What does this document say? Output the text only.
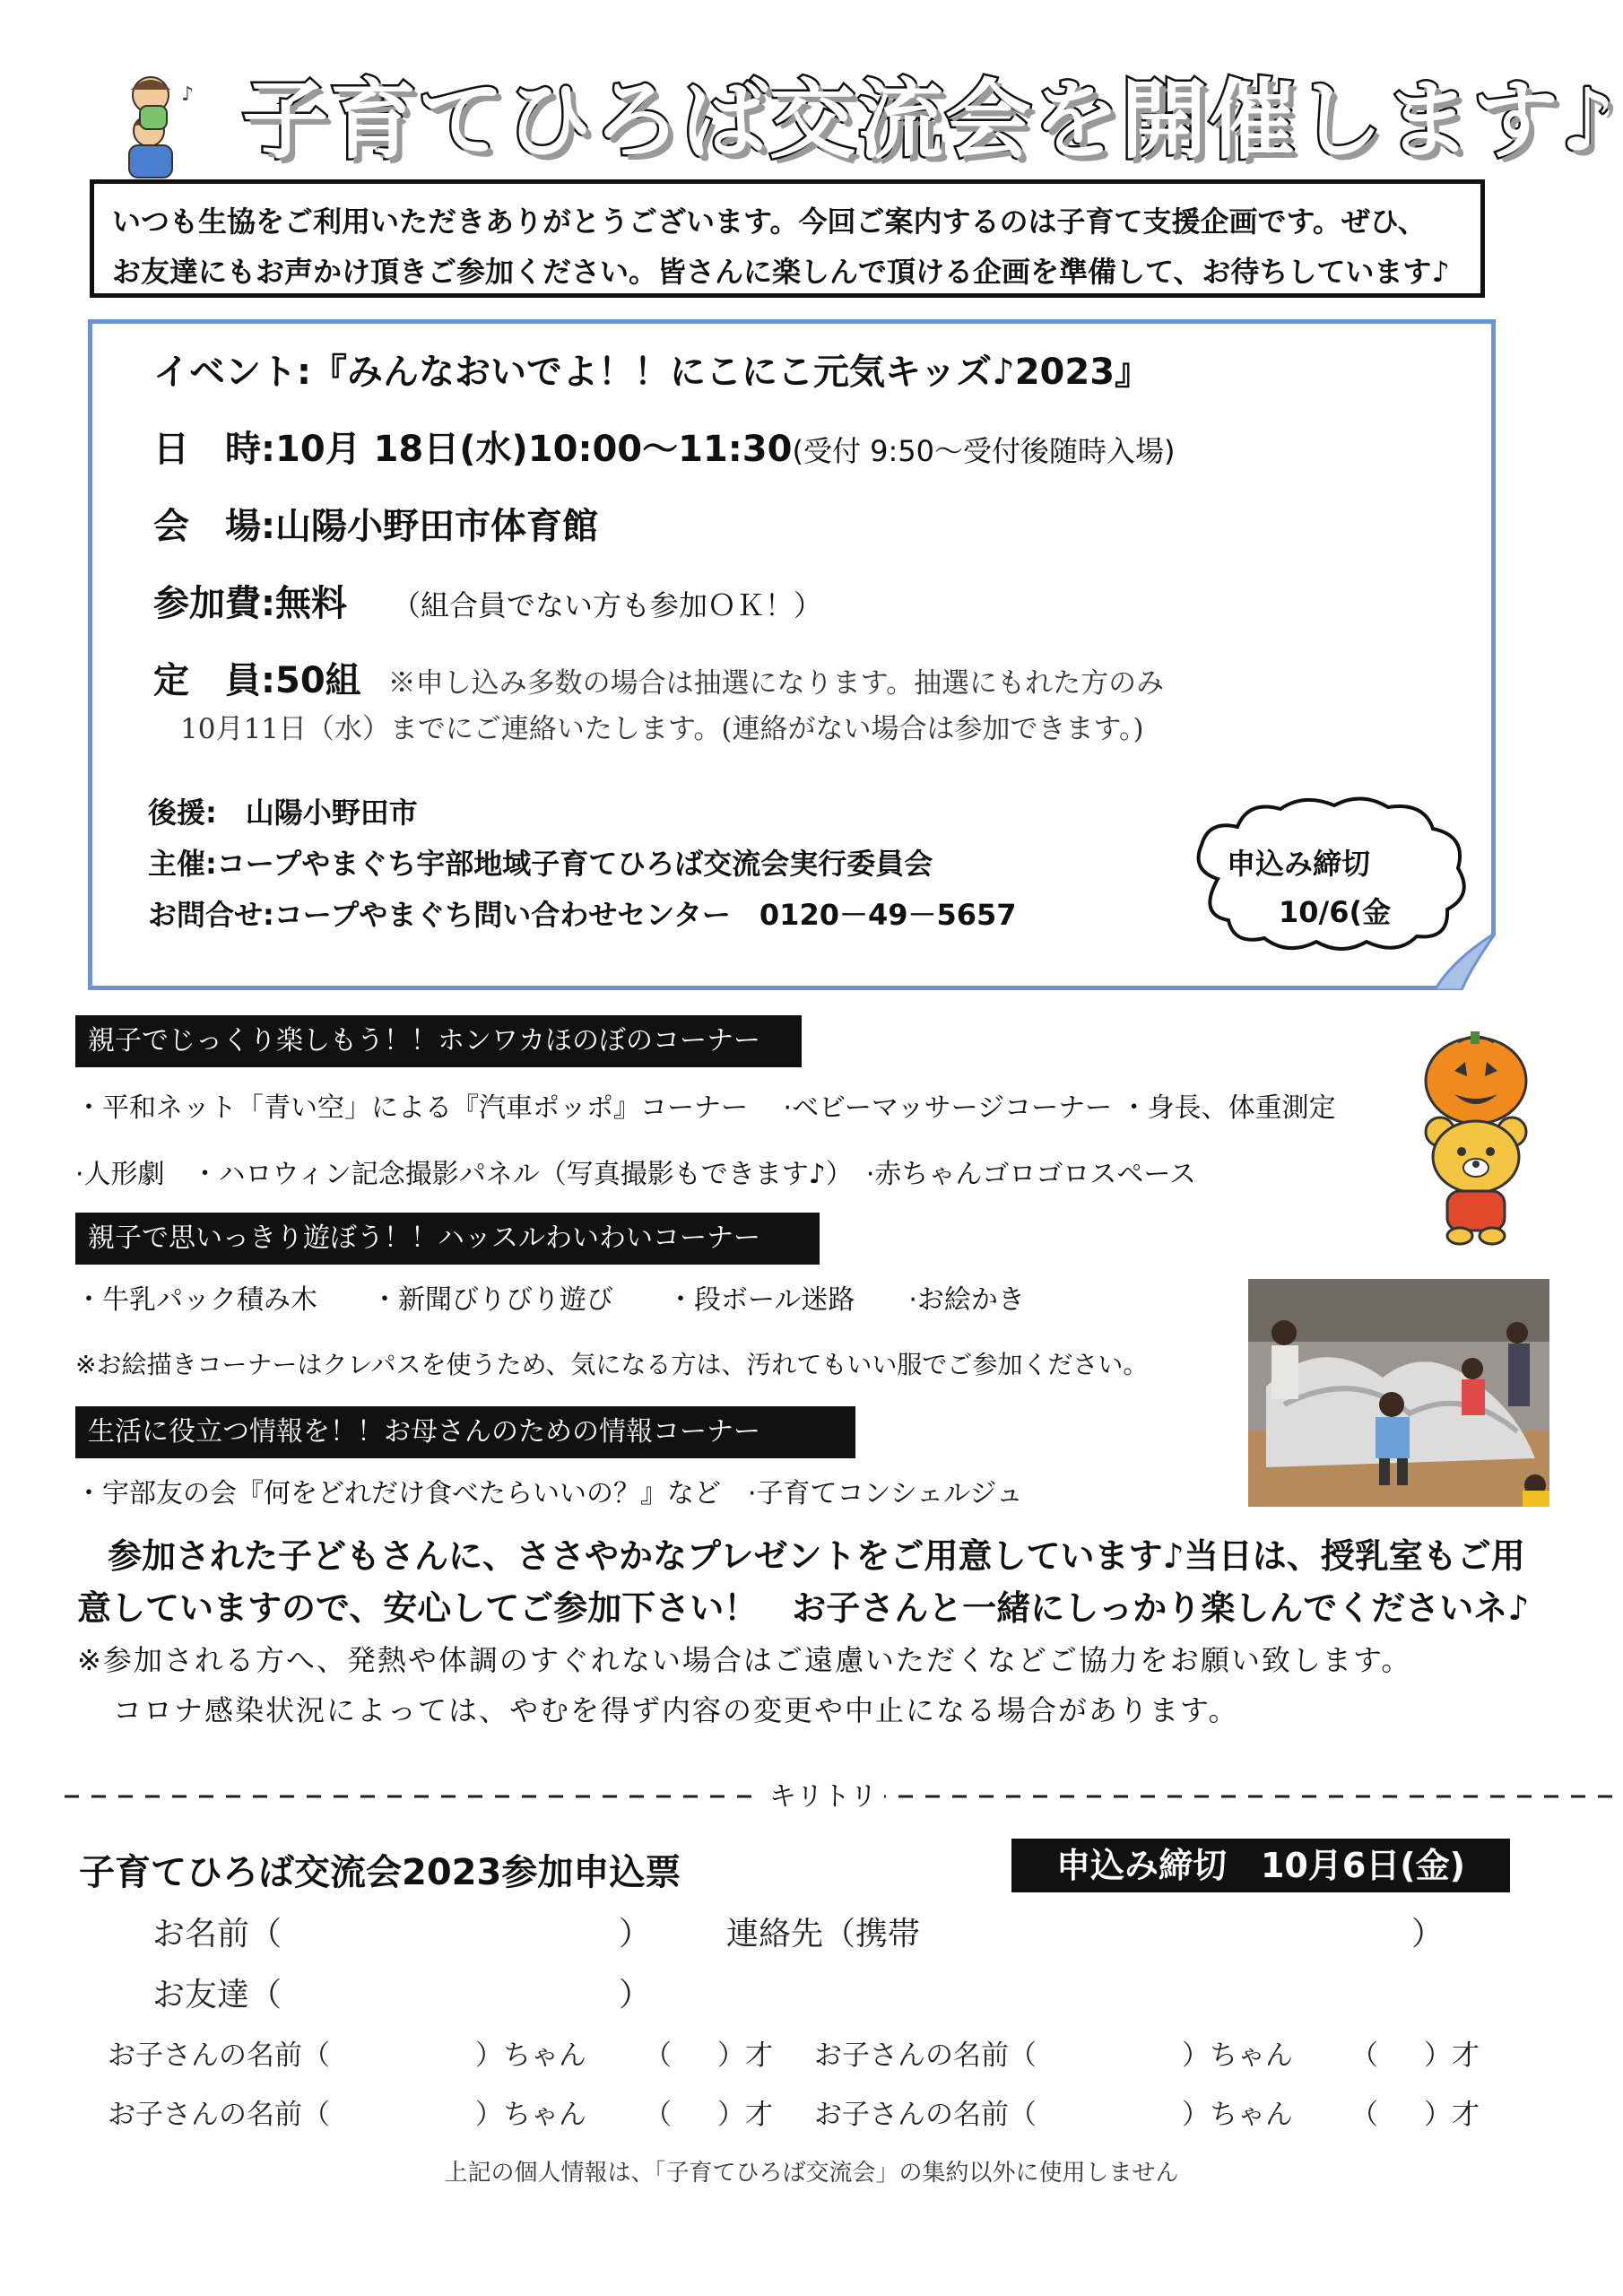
♪ 子育てひろば交流会を開催します♪
いつも生協をご利用いただきありがとうございます。今回ご案内するのは子育て支援企画です。ぜひ、
お友達にもお声かけ頂きご参加ください。皆さんに楽しんで頂ける企画を準備して、お待ちしています♪
イベント:『みんなおいでよ！！にこにこ元気キッズ♪2023』
日　時:10月 18日(水)10:00～11:30(受付 9:50～受付後随時入場)
会　場:山陽小野田市体育館
参加費:無料 （組合員でない方も参加ＯＫ！）
定　員:50組 ※申し込み多数の場合は抽選になります。抽選にもれた方のみ
10月11日（水）までにご連絡いたします。(連絡がない場合は参加できます。)
後援:　山陽小野田市
主催:コープやまぐち宇部地域子育てひろば交流会実行委員会
お問合せ:コープやまぐち問い合わせセンター　0120－49－5657
申込み締切
10/6(金
親子でじっくり楽しもう！！ホンワカほのぼのコーナー
・平和ネット「青い空」による『汽車ポッポ』コーナー　 ·ベビーマッサージコーナー ・身長、体重測定
·人形劇　・ハロウィン記念撮影パネル（写真撮影もできます♪）　·赤ちゃんゴロゴロスペース
親子で思いっきり遊ぼう！！ハッスルわいわいコーナー
・牛乳パック積み木　　・新聞びりびり遊び　　・段ボール迷路　　·お絵かき
※お絵描きコーナーはクレパスを使うため、気になる方は、汚れてもいい服でご参加ください。
生活に役立つ情報を！！お母さんのための情報コーナー
・宇部友の会『何をどれだけ食べたらいいの？』など　·子育てコンシェルジュ
参加された子どもさんに、ささやかなプレゼントをご用意しています♪当日は、授乳室もご用
意していますので、安心してご参加下さい！　お子さんと一緒にしっかり楽しんでくださいネ♪
※参加される方へ、発熱や体調のすぐれない場合はご遠慮いただくなどご協力をお願い致します。
コロナ感染状況によっては、やむを得ず内容の変更や中止になる場合があります。
キリトリ
子育てひろば交流会2023参加申込票	申込み締切　10月6日(金)
お名前（	） 連絡先（携帯	）
お友達（	）
お子さんの名前（	）ちゃん （ ）才 お子さんの名前（	）ちゃん （ ）才
お子さんの名前（	）ちゃん （ ）才 お子さんの名前（	）ちゃん （ ）才
上記の個人情報は、「子育てひろば交流会」の集約以外に使用しません
